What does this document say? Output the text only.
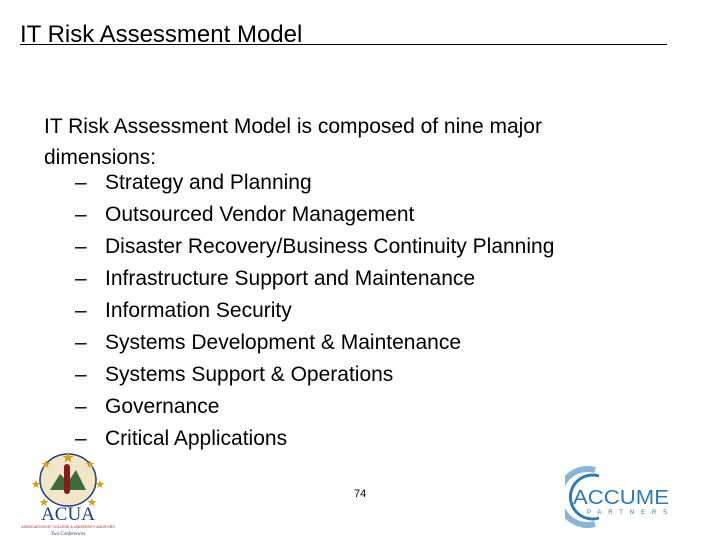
IT Risk Assessment Model
IT Risk Assessment Model is composed of nine major dimensions:
– Strategy and Planning
– Outsourced Vendor Management
– Disaster Recovery/Business Continuity Planning
– Infrastructure Support and Maintenance
– Information Security
– Systems Development & Maintenance
– Systems Support & Operations
– Governance
– Critical Applications
74
ACUA
ASSOCIATION OF COLLEGE & UNIVERSITY AUDITORS
Two Conferences
ACCUME
PARTNERS
